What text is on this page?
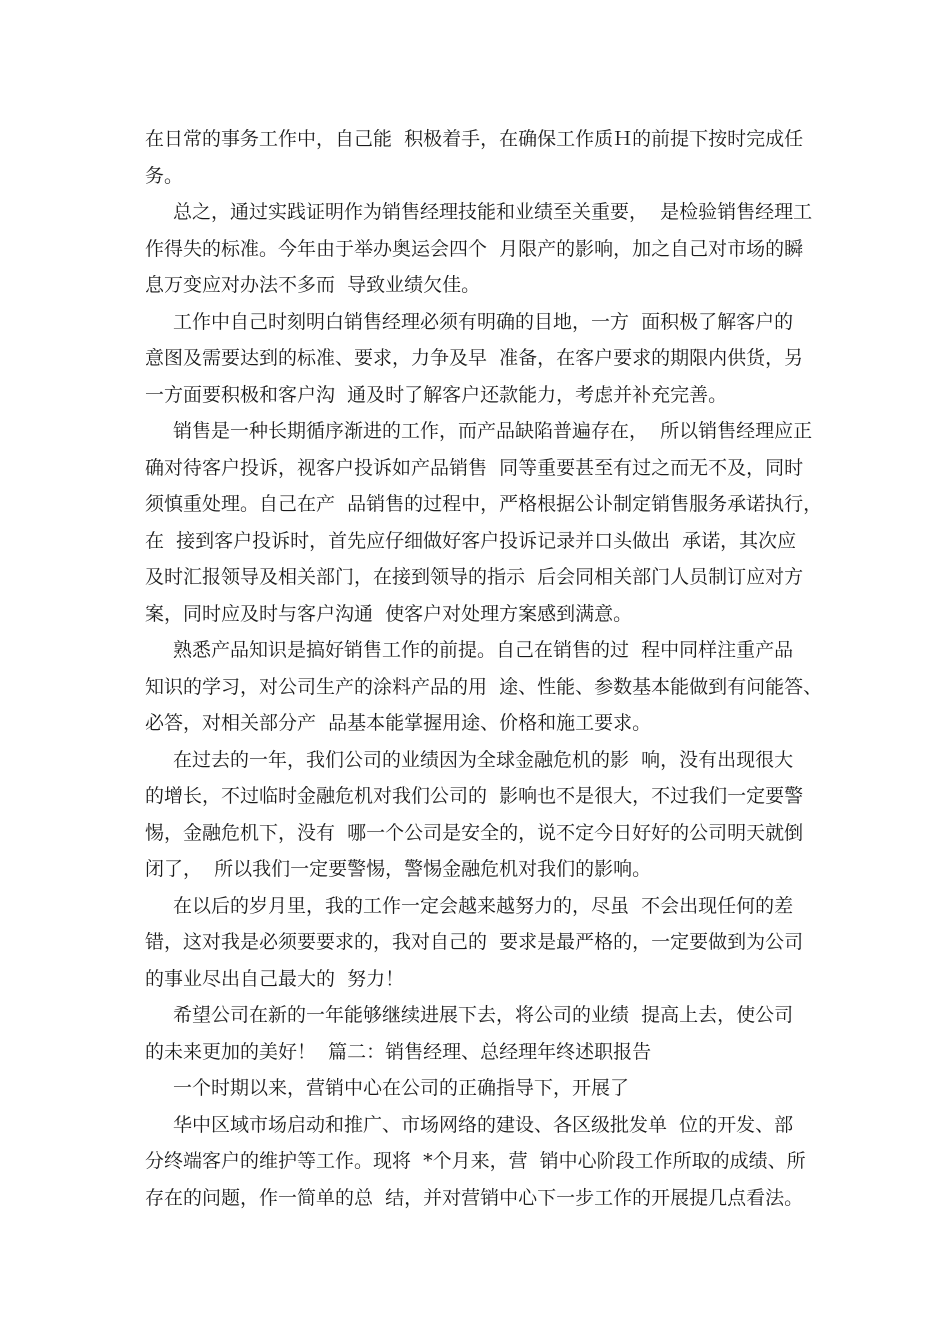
在日常的事务工作中，自己能  积极着手，在确保工作质Ｈ的前提下按时完成任

务。

总之，通过实践证明作为销售经理技能和业绩至关重要，  是检验销售经理工

作得失的标准。今年由于举办奥运会四个  月限产的影响，加之自己对市场的瞬

息万变应对办法不多而  导致业绩欠佳。

工作中自己时刻明白销售经理必须有明确的目地，一方  面积极了解客户的

意图及需要达到的标准、要求，力争及早  准备，在客户要求的期限内供货，另

一方面要积极和客户沟  通及时了解客户还款能力，考虑并补充完善。

销售是一种长期循序渐进的工作，而产品缺陷普遍存在，  所以销售经理应正

确对待客户投诉，视客户投诉如产品销售  同等重要甚至有过之而无不及，同时

须慎重处理。自己在产  品销售的过程中，严格根据公讣制定销售服务承诺执行，

在  接到客户投诉时，首先应仔细做好客户投诉记录并口头做出  承诺，其次应

及时汇报领导及相关部门，在接到领导的指示  后会同相关部门人员制订应对方

案，同时应及时与客户沟通  使客户对处理方案感到满意。

熟悉产品知识是搞好销售工作的前提。自己在销售的过  程中同样注重产品

知识的学习，对公司生产的涂料产品的用  途、性能、参数基本能做到有问能答、

必答，对相关部分产  品基本能掌握用途、价格和施工要求。

在过去的一年，我们公司的业绩因为全球金融危机的影  响，没有出现很大

的增长，不过临时金融危机对我们公司的  影响也不是很大，不过我们一定要警

惕，金融危机下，没有  哪一个公司是安全的，说不定今日好好的公司明天就倒

闭了，  所以我们一定要警惕，警惕金融危机对我们的影响。

在以后的岁月里，我的工作一定会越来越努力的，尽虽  不会出现任何的差

错，这对我是必须要要求的，我对自己的  要求是最严格的，一定要做到为公司

的事业尽出自己最大的  努力！

希望公司在新的一年能够继续进展下去，将公司的业绩  提高上去，使公司

的未来更加的美好！  篇二：销售经理、总经理年终述职报告

一个时期以来，营销中心在公司的正确指导下，开展了

华中区域市场启动和推广、市场网络的建设、各区级批发单  位的开发、部

分终端客户的维护等工作。现将  *个月来，营  销中心阶段工作所取的成绩、所

存在的问题，作一简单的总  结，并对营销中心下一步工作的开展提几点看法。
